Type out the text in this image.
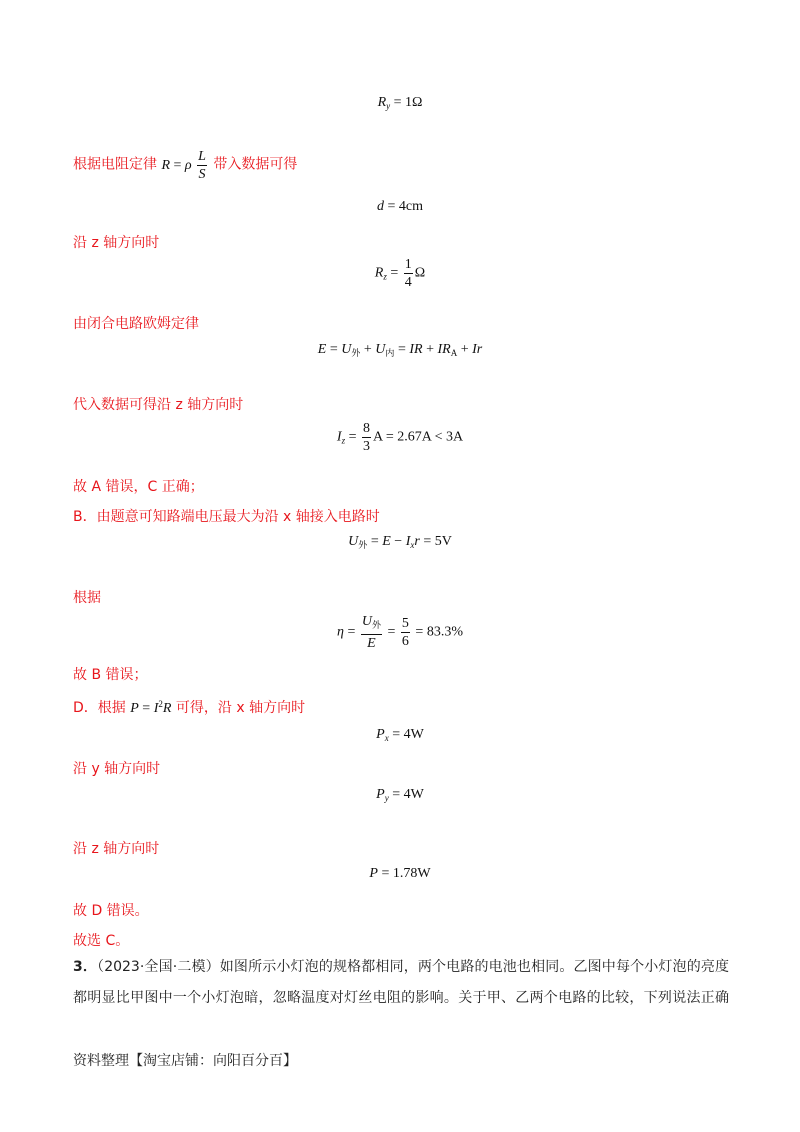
$R_y = 1\Omega$
根据电阻定律 R = ρ $\frac{L}{S}$ 带入数据可得
d = 4cm
沿 z 轴方向时
$R_z = \frac{1}{4}$ Ω
由闭合电路欧姆定律
$E = U_外 + U_内$ = IR + $IR_A + Ir$
代入数据可得沿 z 轴方向时
$I_z = \frac{8}{3}$ A = 2.67A < 3A
故 A 错误，C 正确；
B．由题意可知路端电压最大为沿 x 轴接入电路时
$U_外 = E - I_xr = 5V$
根据
$\eta = \frac{U_外}{E} = \frac{5}{6} = 83.3\%$
故 B 错误；
D．根据 $P = I^2R$ 可得，沿 x 轴方向时
$P_x = 4W$
沿 y 轴方向时
$P_y = 4W$
沿 z 轴方向时
P = 1.78W
故 D 错误。
故选 C。
3．（2023·全国·二模）如图所示小灯泡的规格都相同，两个电路的电池也相同。乙图中每个小灯泡的亮度
都明显比甲图中一个小灯泡暗，忽略温度对灯丝电阻的影响。关于甲、乙两个电路的比较，下列说法正确
资料整理【淘宝店铺：向阳百分百】
